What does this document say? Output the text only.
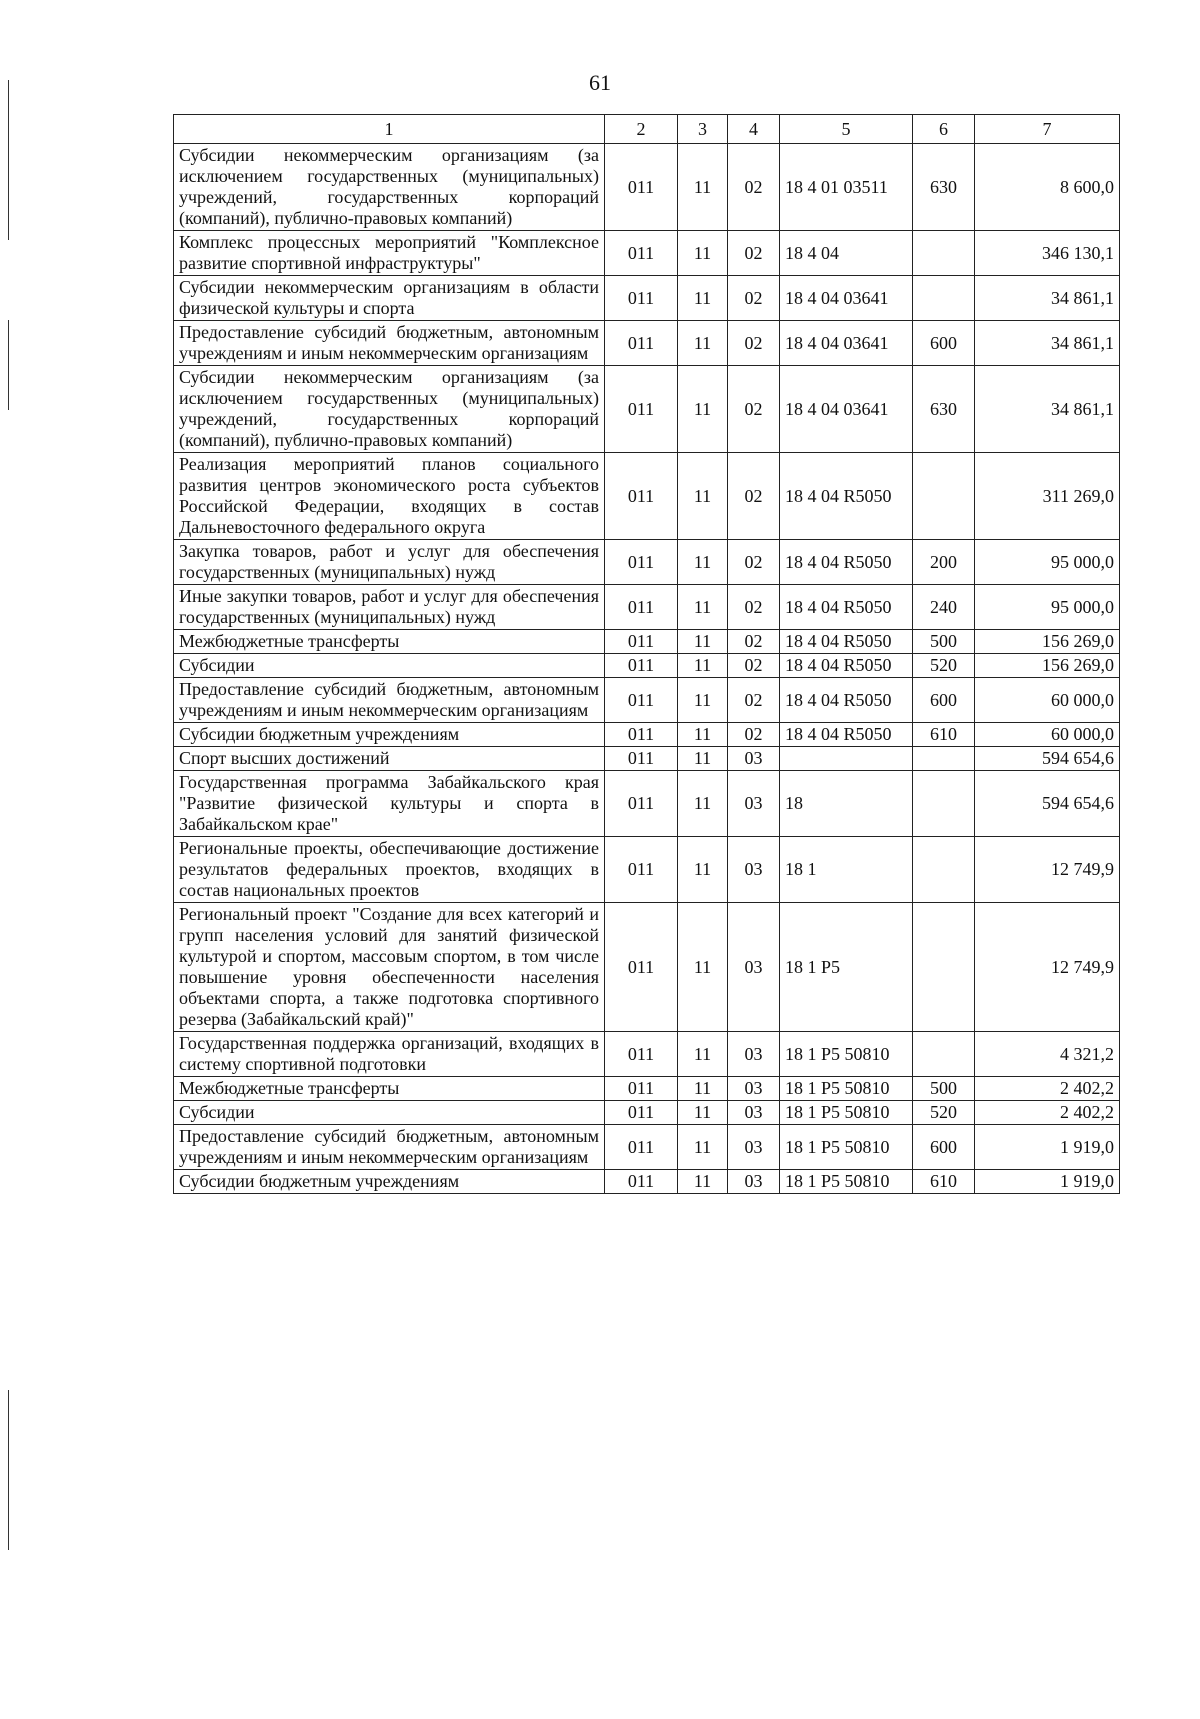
61
1	2	3	4	5	6	7
Субсидии некоммерческим организациям (за исключением государственных (муниципальных) учреждений, государственных корпораций (компаний), публично-правовых компаний)	011	11	02	18 4 01 03511	630	8 600,0
Комплекс процессных мероприятий "Комплексное развитие спортивной инфраструктуры"	011	11	02	18 4 04		346 130,1
Субсидии некоммерческим организациям в области физической культуры и спорта	011	11	02	18 4 04 03641		34 861,1
Предоставление субсидий бюджетным, автономным учреждениям и иным некоммерческим организациям	011	11	02	18 4 04 03641	600	34 861,1
Субсидии некоммерческим организациям (за исключением государственных (муниципальных) учреждений, государственных корпораций (компаний), публично-правовых компаний)	011	11	02	18 4 04 03641	630	34 861,1
Реализация мероприятий планов социального развития центров экономического роста субъектов Российской Федерации, входящих в состав Дальневосточного федерального округа	011	11	02	18 4 04 R5050		311 269,0
Закупка товаров, работ и услуг для обеспечения государственных (муниципальных) нужд	011	11	02	18 4 04 R5050	200	95 000,0
Иные закупки товаров, работ и услуг для обеспечения государственных (муниципальных) нужд	011	11	02	18 4 04 R5050	240	95 000,0
Межбюджетные трансферты	011	11	02	18 4 04 R5050	500	156 269,0
Субсидии	011	11	02	18 4 04 R5050	520	156 269,0
Предоставление субсидий бюджетным, автономным учреждениям и иным некоммерческим организациям	011	11	02	18 4 04 R5050	600	60 000,0
Субсидии бюджетным учреждениям	011	11	02	18 4 04 R5050	610	60 000,0
Спорт высших достижений	011	11	03			594 654,6
Государственная программа Забайкальского края "Развитие физической культуры и спорта в Забайкальском крае"	011	11	03	18		594 654,6
Региональные проекты, обеспечивающие достижение результатов федеральных проектов, входящих в состав национальных проектов	011	11	03	18 1		12 749,9
Региональный проект "Создание для всех категорий и групп населения условий для занятий физической культурой и спортом, массовым спортом, в том числе повышение уровня обеспеченности населения объектами спорта, а также подготовка спортивного резерва (Забайкальский край)"	011	11	03	18 1 P5		12 749,9
Государственная поддержка организаций, входящих в систему спортивной подготовки	011	11	03	18 1 P5 50810		4 321,2
Межбюджетные трансферты	011	11	03	18 1 P5 50810	500	2 402,2
Субсидии	011	11	03	18 1 P5 50810	520	2 402,2
Предоставление субсидий бюджетным, автономным учреждениям и иным некоммерческим организациям	011	11	03	18 1 P5 50810	600	1 919,0
Субсидии бюджетным учреждениям	011	11	03	18 1 P5 50810	610	1 919,0
